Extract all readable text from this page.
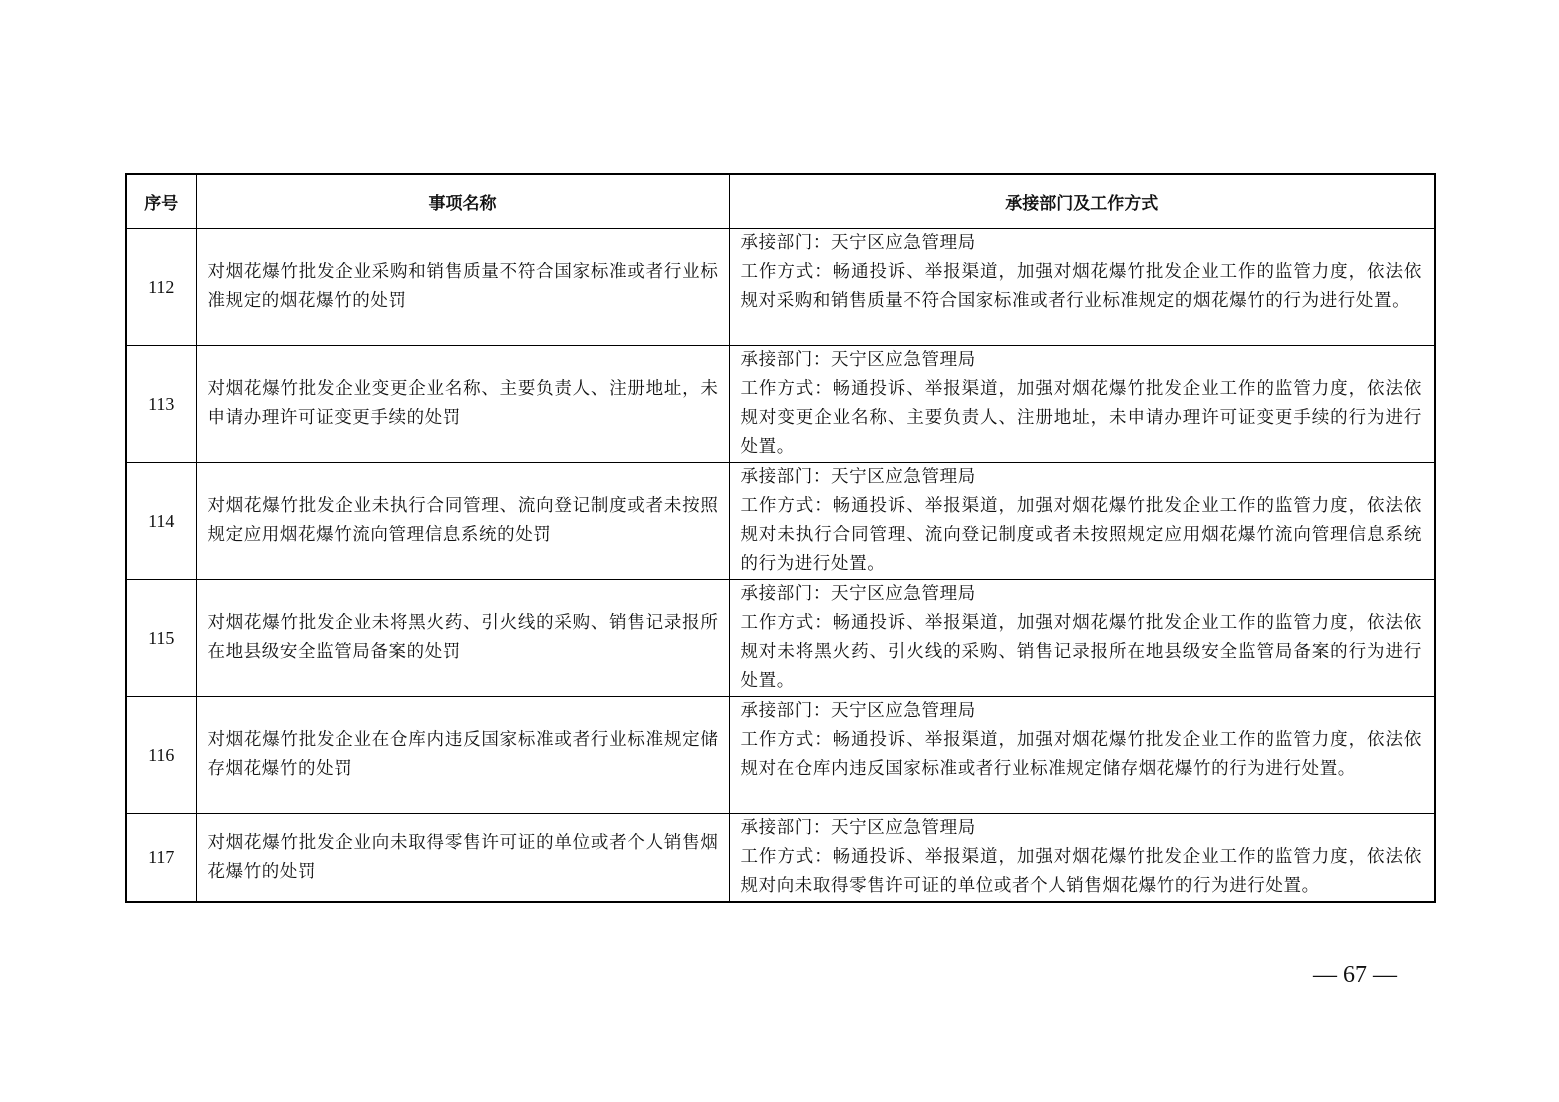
序号	事项名称	承接部门及工作方式
112	对烟花爆竹批发企业采购和销售质量不符合国家标准或者行业标准规定的烟花爆竹的处罚	承接部门：天宁区应急管理局
工作方式：畅通投诉、举报渠道，加强对烟花爆竹批发企业工作的监管力度，依法依规对采购和销售质量不符合国家标准或者行业标准规定的烟花爆竹的行为进行处置。

113	对烟花爆竹批发企业变更企业名称、主要负责人、注册地址，未申请办理许可证变更手续的处罚	承接部门：天宁区应急管理局
工作方式：畅通投诉、举报渠道，加强对烟花爆竹批发企业工作的监管力度，依法依规对变更企业名称、主要负责人、注册地址，未申请办理许可证变更手续的行为进行处置。

114	对烟花爆竹批发企业未执行合同管理、流向登记制度或者未按照规定应用烟花爆竹流向管理信息系统的处罚	承接部门：天宁区应急管理局
工作方式：畅通投诉、举报渠道，加强对烟花爆竹批发企业工作的监管力度，依法依规对未执行合同管理、流向登记制度或者未按照规定应用烟花爆竹流向管理信息系统的行为进行处置。

115	对烟花爆竹批发企业未将黑火药、引火线的采购、销售记录报所在地县级安全监管局备案的处罚	承接部门：天宁区应急管理局
工作方式：畅通投诉、举报渠道，加强对烟花爆竹批发企业工作的监管力度，依法依规对未将黑火药、引火线的采购、销售记录报所在地县级安全监管局备案的行为进行处置。

116	对烟花爆竹批发企业在仓库内违反国家标准或者行业标准规定储存烟花爆竹的处罚	承接部门：天宁区应急管理局
工作方式：畅通投诉、举报渠道，加强对烟花爆竹批发企业工作的监管力度，依法依规对在仓库内违反国家标准或者行业标准规定储存烟花爆竹的行为进行处置。

117	对烟花爆竹批发企业向未取得零售许可证的单位或者个人销售烟花爆竹的处罚	承接部门：天宁区应急管理局
工作方式：畅通投诉、举报渠道，加强对烟花爆竹批发企业工作的监管力度，依法依规对向未取得零售许可证的单位或者个人销售烟花爆竹的行为进行处置。
— 67 —
